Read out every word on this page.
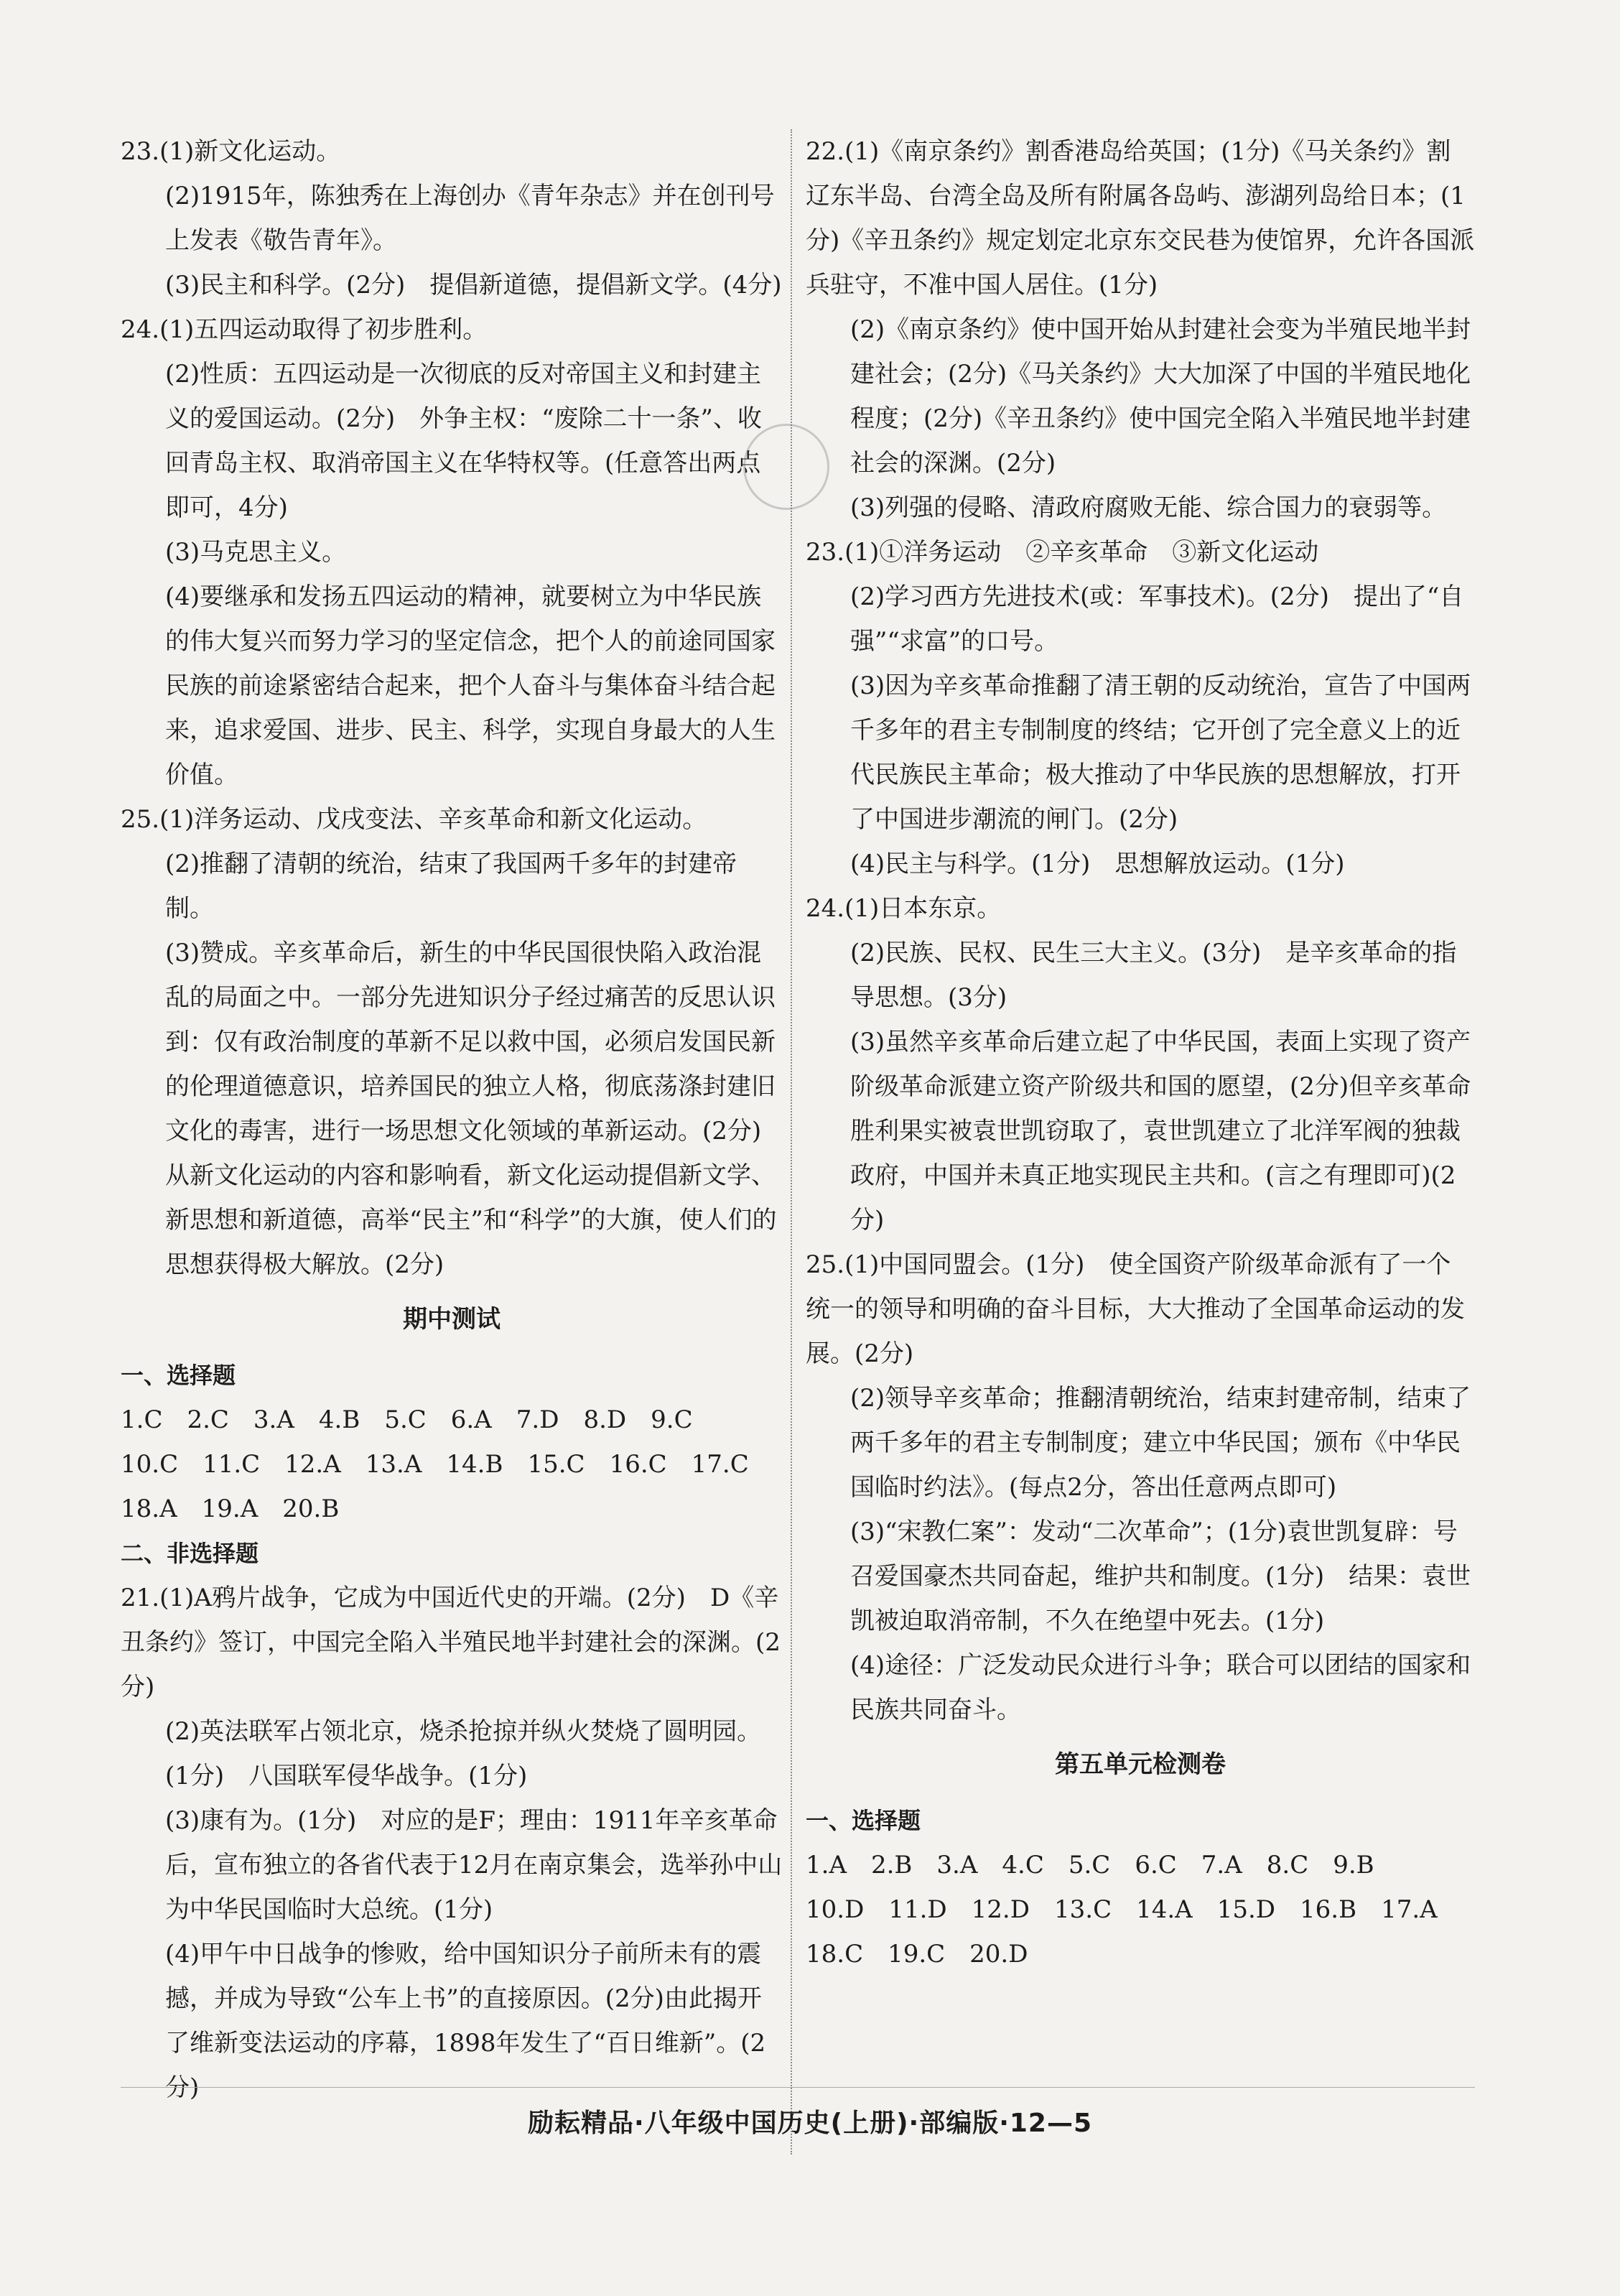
23.(1)新文化运动。

(2)1915年，陈独秀在上海创办《青年杂志》并在创刊号上发表《敬告青年》。

(3)民主和科学。(2分)　提倡新道德，提倡新文学。(4分)

24.(1)五四运动取得了初步胜利。

(2)性质：五四运动是一次彻底的反对帝国主义和封建主义的爱国运动。(2分)　外争主权：“废除二十一条”、收回青岛主权、取消帝国主义在华特权等。(任意答出两点即可，4分)

(3)马克思主义。

(4)要继承和发扬五四运动的精神，就要树立为中华民族的伟大复兴而努力学习的坚定信念，把个人的前途同国家民族的前途紧密结合起来，把个人奋斗与集体奋斗结合起来，追求爱国、进步、民主、科学，实现自身最大的人生价值。

25.(1)洋务运动、戊戌变法、辛亥革命和新文化运动。

(2)推翻了清朝的统治，结束了我国两千多年的封建帝制。

(3)赞成。辛亥革命后，新生的中华民国很快陷入政治混乱的局面之中。一部分先进知识分子经过痛苦的反思认识到：仅有政治制度的革新不足以救中国，必须启发国民新的伦理道德意识，培养国民的独立人格，彻底荡涤封建旧文化的毒害，进行一场思想文化领域的革新运动。(2分)从新文化运动的内容和影响看，新文化运动提倡新文学、新思想和新道德，高举“民主”和“科学”的大旗，使人们的思想获得极大解放。(2分)

期中测试

一、选择题

1.C　2.C　3.A　4.B　5.C　6.A　7.D　8.D　9.C

10.C　11.C　12.A　13.A　14.B　15.C　16.C　17.C

18.A　19.A　20.B

二、非选择题

21.(1)A鸦片战争，它成为中国近代史的开端。(2分)　D《辛丑条约》签订，中国完全陷入半殖民地半封建社会的深渊。(2分)

(2)英法联军占领北京，烧杀抢掠并纵火焚烧了圆明园。(1分)　八国联军侵华战争。(1分)

(3)康有为。(1分)　对应的是F；理由：1911年辛亥革命后，宣布独立的各省代表于12月在南京集会，选举孙中山为中华民国临时大总统。(1分)

(4)甲午中日战争的惨败，给中国知识分子前所未有的震撼，并成为导致“公车上书”的直接原因。(2分)由此揭开了维新变法运动的序幕，1898年发生了“百日维新”。(2分)

22.(1)《南京条约》割香港岛给英国；(1分)《马关条约》割辽东半岛、台湾全岛及所有附属各岛屿、澎湖列岛给日本；(1分)《辛丑条约》规定划定北京东交民巷为使馆界，允许各国派兵驻守，不准中国人居住。(1分)

(2)《南京条约》使中国开始从封建社会变为半殖民地半封建社会；(2分)《马关条约》大大加深了中国的半殖民地化程度；(2分)《辛丑条约》使中国完全陷入半殖民地半封建社会的深渊。(2分)

(3)列强的侵略、清政府腐败无能、综合国力的衰弱等。

23.(1)①洋务运动　②辛亥革命　③新文化运动

(2)学习西方先进技术(或：军事技术)。(2分)　提出了“自强”“求富”的口号。

(3)因为辛亥革命推翻了清王朝的反动统治，宣告了中国两千多年的君主专制制度的终结；它开创了完全意义上的近代民族民主革命；极大推动了中华民族的思想解放，打开了中国进步潮流的闸门。(2分)

(4)民主与科学。(1分)　思想解放运动。(1分)

24.(1)日本东京。

(2)民族、民权、民生三大主义。(3分)　是辛亥革命的指导思想。(3分)

(3)虽然辛亥革命后建立起了中华民国，表面上实现了资产阶级革命派建立资产阶级共和国的愿望，(2分)但辛亥革命胜利果实被袁世凯窃取了，袁世凯建立了北洋军阀的独裁政府，中国并未真正地实现民主共和。(言之有理即可)(2分)

25.(1)中国同盟会。(1分)　使全国资产阶级革命派有了一个统一的领导和明确的奋斗目标，大大推动了全国革命运动的发展。(2分)

(2)领导辛亥革命；推翻清朝统治，结束封建帝制，结束了两千多年的君主专制制度；建立中华民国；颁布《中华民国临时约法》。(每点2分，答出任意两点即可)

(3)“宋教仁案”：发动“二次革命”；(1分)袁世凯复辟：号召爱国豪杰共同奋起，维护共和制度。(1分)　结果：袁世凯被迫取消帝制，不久在绝望中死去。(1分)

(4)途径：广泛发动民众进行斗争；联合可以团结的国家和民族共同奋斗。

第五单元检测卷

一、选择题

1.A　2.B　3.A　4.C　5.C　6.C　7.A　8.C　9.B

10.D　11.D　12.D　13.C　14.A　15.D　16.B　17.A

18.C　19.C　20.D

励耘精品·八年级中国历史(上册)·部编版·12—5
